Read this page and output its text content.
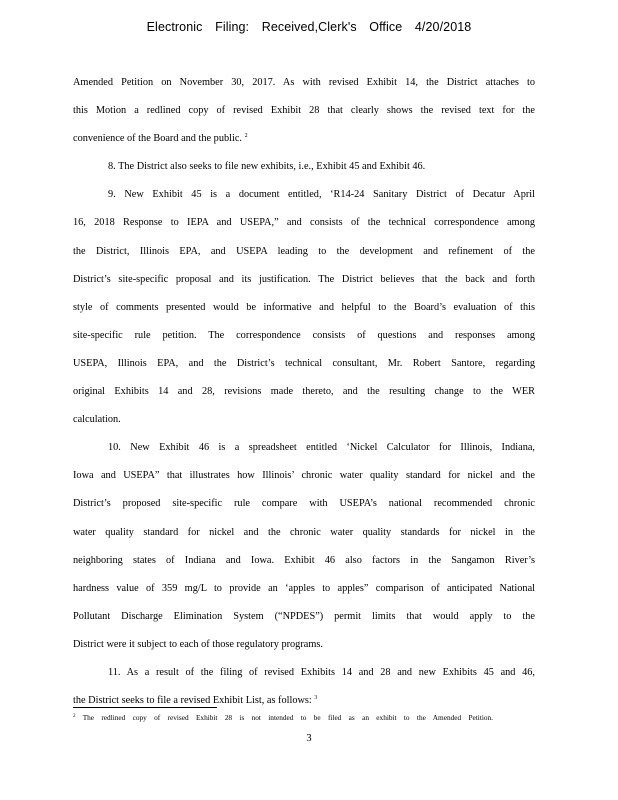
Electronic Filing: Received,Clerk's Office 4/20/2018
Amended Petition on November 30, 2017. As with revised Exhibit 14, the District attaches to
this Motion a redlined copy of revised Exhibit 28 that clearly shows the revised text for the
convenience of the Board and the public. $^2$
8. The District also seeks to file new exhibits, i.e., Exhibit 45 and Exhibit 46.
9. New Exhibit 45 is a document entitled, ‘R14-24 Sanitary District of Decatur April
16, 2018 Response to IEPA and USEPA,” and consists of the technical correspondence among
the District, Illinois EPA, and USEPA leading to the development and refinement of the
District’s site-specific proposal and its justification. The District believes that the back and forth
style of comments presented would be informative and helpful to the Board’s evaluation of this
site-specific rule petition. The correspondence consists of questions and responses among
USEPA, Illinois EPA, and the District’s technical consultant, Mr. Robert Santore, regarding
original Exhibits 14 and 28, revisions made thereto, and the resulting change to the WER
calculation.
10. New Exhibit 46 is a spreadsheet entitled ‘Nickel Calculator for Illinois, Indiana,
Iowa and USEPA” that illustrates how Illinois’ chronic water quality standard for nickel and the
District’s proposed site-specific rule compare with USEPA’s national recommended chronic
water quality standard for nickel and the chronic water quality standards for nickel in the
neighboring states of Indiana and Iowa. Exhibit 46 also factors in the Sangamon River’s
hardness value of 359 mg/L to provide an ‘apples to apples” comparison of anticipated National
Pollutant Discharge Elimination System (“NPDES”) permit limits that would apply to the
District were it subject to each of those regulatory programs.
11. As a result of the filing of revised Exhibits 14 and 28 and new Exhibits 45 and 46,
the District seeks to file a revised Exhibit List, as follows: $^3$
$^2$ The redlined copy of revised Exhibit 28 is not intended to be filed as an exhibit to the Amended Petition.
3
